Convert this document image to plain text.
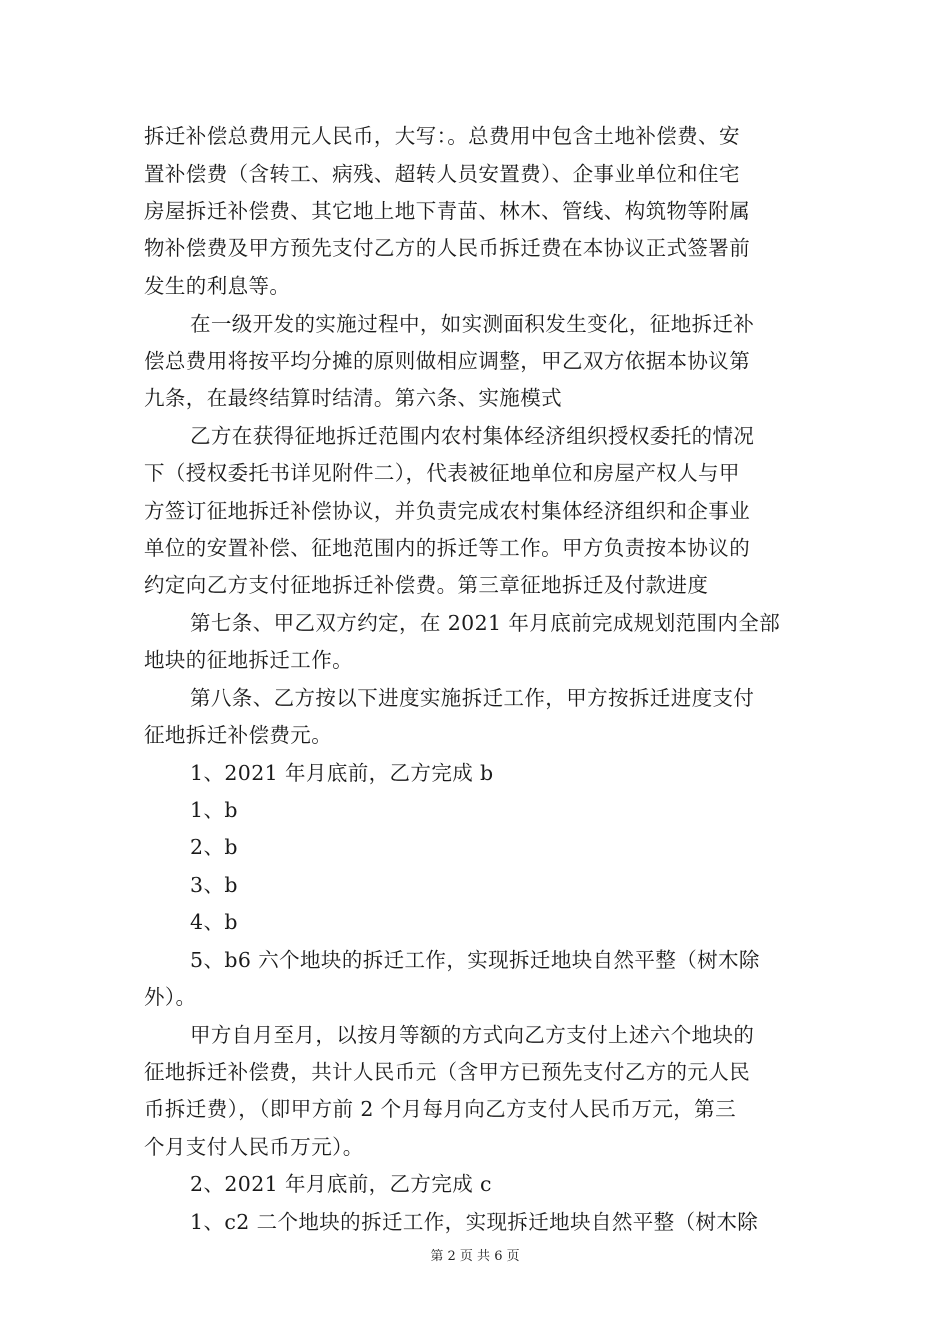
拆迁补偿总费用元人民币，大写：。总费用中包含土地补偿费、安
置补偿费（含转工、病残、超转人员安置费）、企事业单位和住宅
房屋拆迁补偿费、其它地上地下青苗、林木、管线、构筑物等附属
物补偿费及甲方预先支付乙方的人民币拆迁费在本协议正式签署前
发生的利息等。
在一级开发的实施过程中，如实测面积发生变化，征地拆迁补
偿总费用将按平均分摊的原则做相应调整，甲乙双方依据本协议第
九条，在最终结算时结清。第六条、实施模式
乙方在获得征地拆迁范围内农村集体经济组织授权委托的情况
下（授权委托书详见附件二），代表被征地单位和房屋产权人与甲
方签订征地拆迁补偿协议，并负责完成农村集体经济组织和企事业
单位的安置补偿、征地范围内的拆迁等工作。甲方负责按本协议的
约定向乙方支付征地拆迁补偿费。第三章征地拆迁及付款进度
第七条、甲乙双方约定，在 2021 年月底前完成规划范围内全部
地块的征地拆迁工作。
第八条、乙方按以下进度实施拆迁工作，甲方按拆迁进度支付
征地拆迁补偿费元。
1、2021 年月底前，乙方完成 b
1、b
2、b
3、b
4、b
5、b6 六个地块的拆迁工作，实现拆迁地块自然平整（树木除
外）。
甲方自月至月，以按月等额的方式向乙方支付上述六个地块的
征地拆迁补偿费，共计人民币元（含甲方已预先支付乙方的元人民
币拆迁费），（即甲方前 2 个月每月向乙方支付人民币万元，第三
个月支付人民币万元）。
2、2021 年月底前，乙方完成 c
1、c2 二个地块的拆迁工作，实现拆迁地块自然平整（树木除
第 2 页 共 6 页
